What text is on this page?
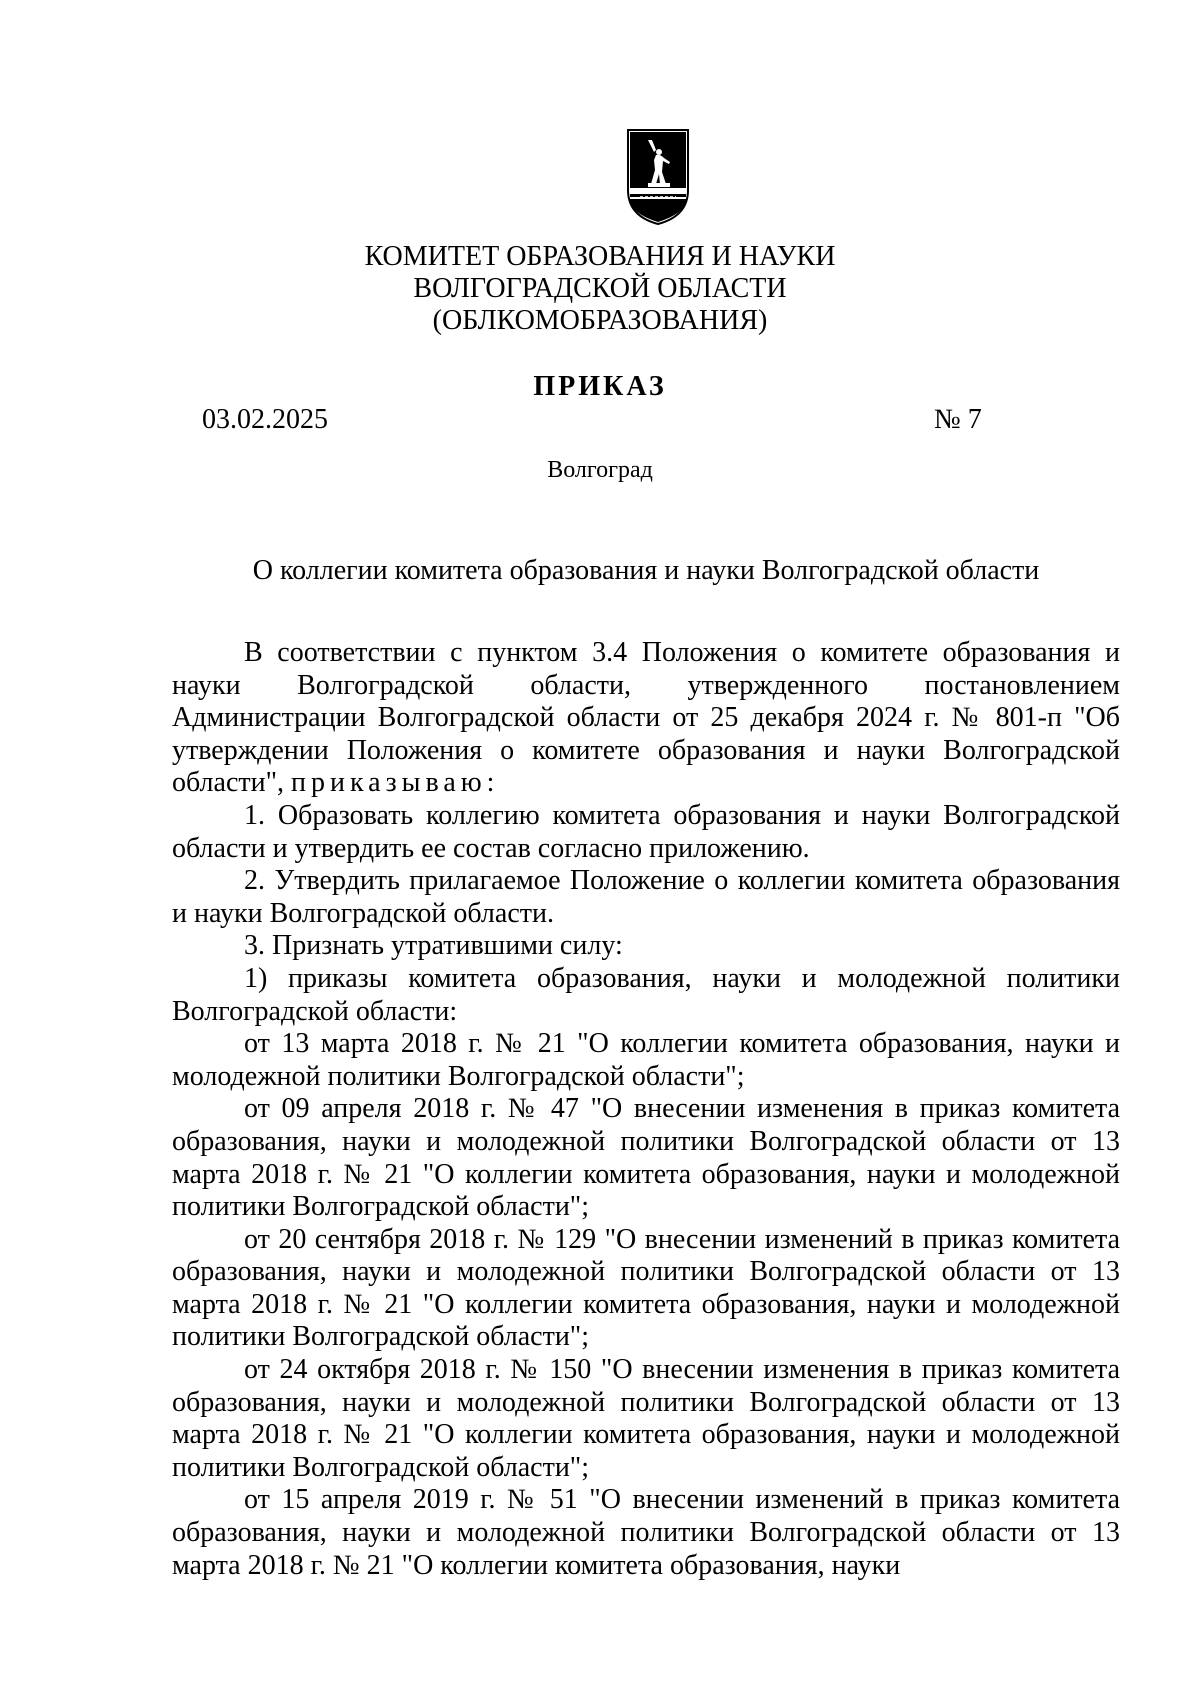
КОМИТЕТ ОБРАЗОВАНИЯ И НАУКИ
ВОЛГОГРАДСКОЙ ОБЛАСТИ
(ОБЛКОМОБРАЗОВАНИЯ)
ПРИКАЗ
03.02.2025	№ 7
Волгоград
О коллегии комитета образования и науки Волгоградской области

В соответствии с пунктом 3.4 Положения о комитете образования и науки Волгоградской области, утвержденного постановлением Администрации Волгоградской области от 25 декабря 2024 г. № 801-п "Об утверждении Положения о комитете образования и науки Волгоградской области", приказываю:

1. Образовать коллегию комитета образования и науки Волгоградской области и утвердить ее состав согласно приложению.

2. Утвердить прилагаемое Положение о коллегии комитета образования и науки Волгоградской области.

3. Признать утратившими силу:

1) приказы комитета образования, науки и молодежной политики Волгоградской области:

от 13 марта 2018 г. № 21 "О коллегии комитета образования, науки и молодежной политики Волгоградской области";

от 09 апреля 2018 г. № 47 "О внесении изменения в приказ комитета образования, науки и молодежной политики Волгоградской области от 13 марта 2018 г. № 21 "О коллегии комитета образования, науки и молодежной политики Волгоградской области";

от 20 сентября 2018 г. № 129 "О внесении изменений в приказ комитета образования, науки и молодежной политики Волгоградской области от 13 марта 2018 г. № 21 "О коллегии комитета образования, науки и молодежной политики Волгоградской области";

от 24 октября 2018 г. № 150 "О внесении изменения в приказ комитета образования, науки и молодежной политики Волгоградской области от 13 марта 2018 г. № 21 "О коллегии комитета образования, науки и молодежной политики Волгоградской области";

от 15 апреля 2019 г. № 51 "О внесении изменений в приказ комитета образования, науки и молодежной политики Волгоградской области от 13 марта 2018 г. № 21 "О коллегии комитета образования, науки
